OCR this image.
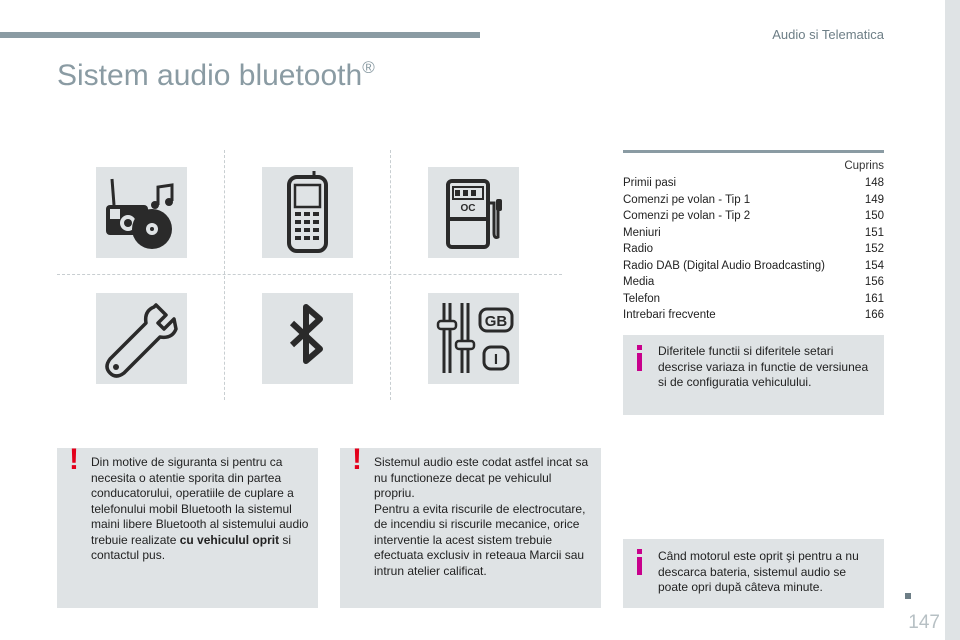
Audio si Telematica
Sistem audio bluetooth®
OC
GB
I
Cuprins
Primii pasi	148
Comenzi pe volan - Tip 1	149
Comenzi pe volan - Tip 2	150
Meniuri	151
Radio	152
Radio DAB (Digital Audio Broadcasting)	154
Media	156
Telefon	161
Intrebari frecvente	166
Diferitele functii si diferitele setari descrise variaza in functie de versiunea si de configuratia vehiculului.
! Din motive de siguranta si pentru ca necesita o atentie sporita din partea conducatorului, operatiile de cuplare a telefonului mobil Bluetooth la sistemul maini libere Bluetooth al sistemului audio trebuie realizate cu vehiculul oprit si contactul pus.
! Sistemul audio este codat astfel incat sa nu functioneze decat pe vehiculul propriu.
Pentru a evita riscurile de electrocutare, de incendiu si riscurile mecanice, orice interventie la acest sistem trebuie efectuata exclusiv in reteaua Marcii sau intrun atelier calificat.
Când motorul este oprit şi pentru a nu descarca bateria, sistemul audio se poate opri după câteva minute.
147
